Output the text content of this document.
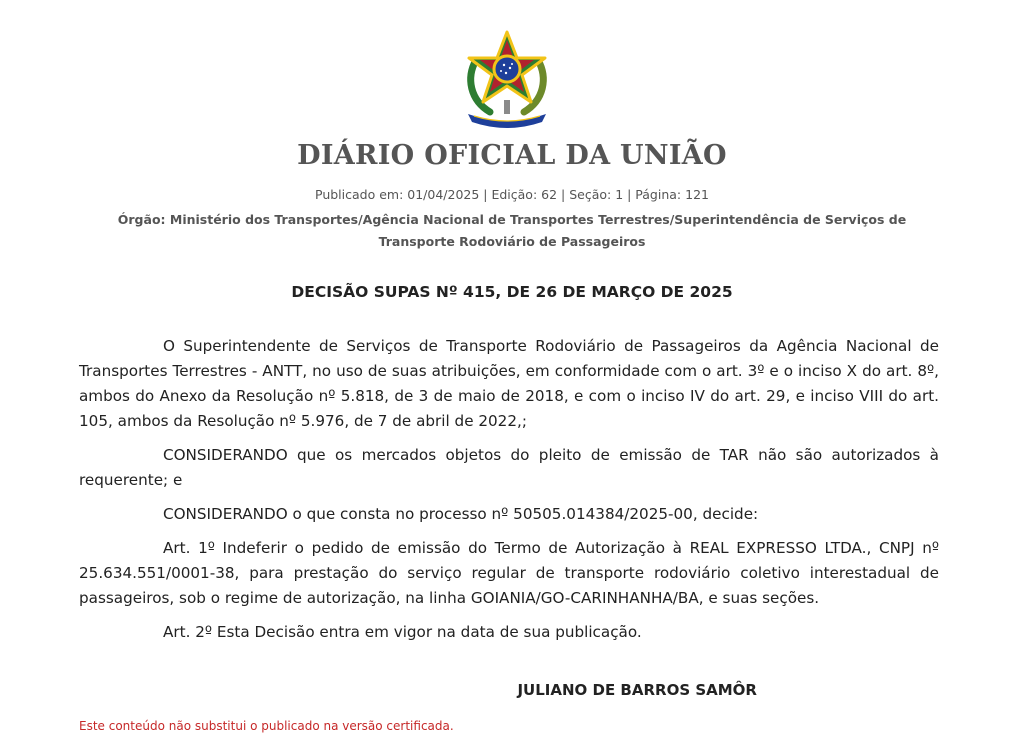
DIÁRIO OFICIAL DA UNIÃO
Publicado em: 01/04/2025 | Edição: 62 | Seção: 1 | Página: 121
Órgão: Ministério dos Transportes/Agência Nacional de Transportes Terrestres/Superintendência de Serviços de Transporte Rodoviário de Passageiros
DECISÃO SUPAS Nº 415, DE 26 DE MARÇO DE 2025

O Superintendente de Serviços de Transporte Rodoviário de Passageiros da Agência Nacional de Transportes Terrestres - ANTT, no uso de suas atribuições, em conformidade com o art. 3º e o inciso X do art. 8º, ambos do Anexo da Resolução nº 5.818, de 3 de maio de 2018, e com o inciso IV do art. 29, e inciso VIII do art. 105, ambos da Resolução nº 5.976, de 7 de abril de 2022,;

CONSIDERANDO que os mercados objetos do pleito de emissão de TAR não são autorizados à requerente; e

CONSIDERANDO o que consta no processo nº 50505.014384/2025-00, decide:

Art. 1º Indeferir o pedido de emissão do Termo de Autorização à REAL EXPRESSO LTDA., CNPJ nº 25.634.551/0001-38, para prestação do serviço regular de transporte rodoviário coletivo interestadual de passageiros, sob o regime de autorização, na linha GOIANIA/GO-CARINHANHA/BA, e suas seções.

Art. 2º Esta Decisão entra em vigor na data de sua publicação.

JULIANO DE BARROS SAMÔR
Este conteúdo não substitui o publicado na versão certificada.
